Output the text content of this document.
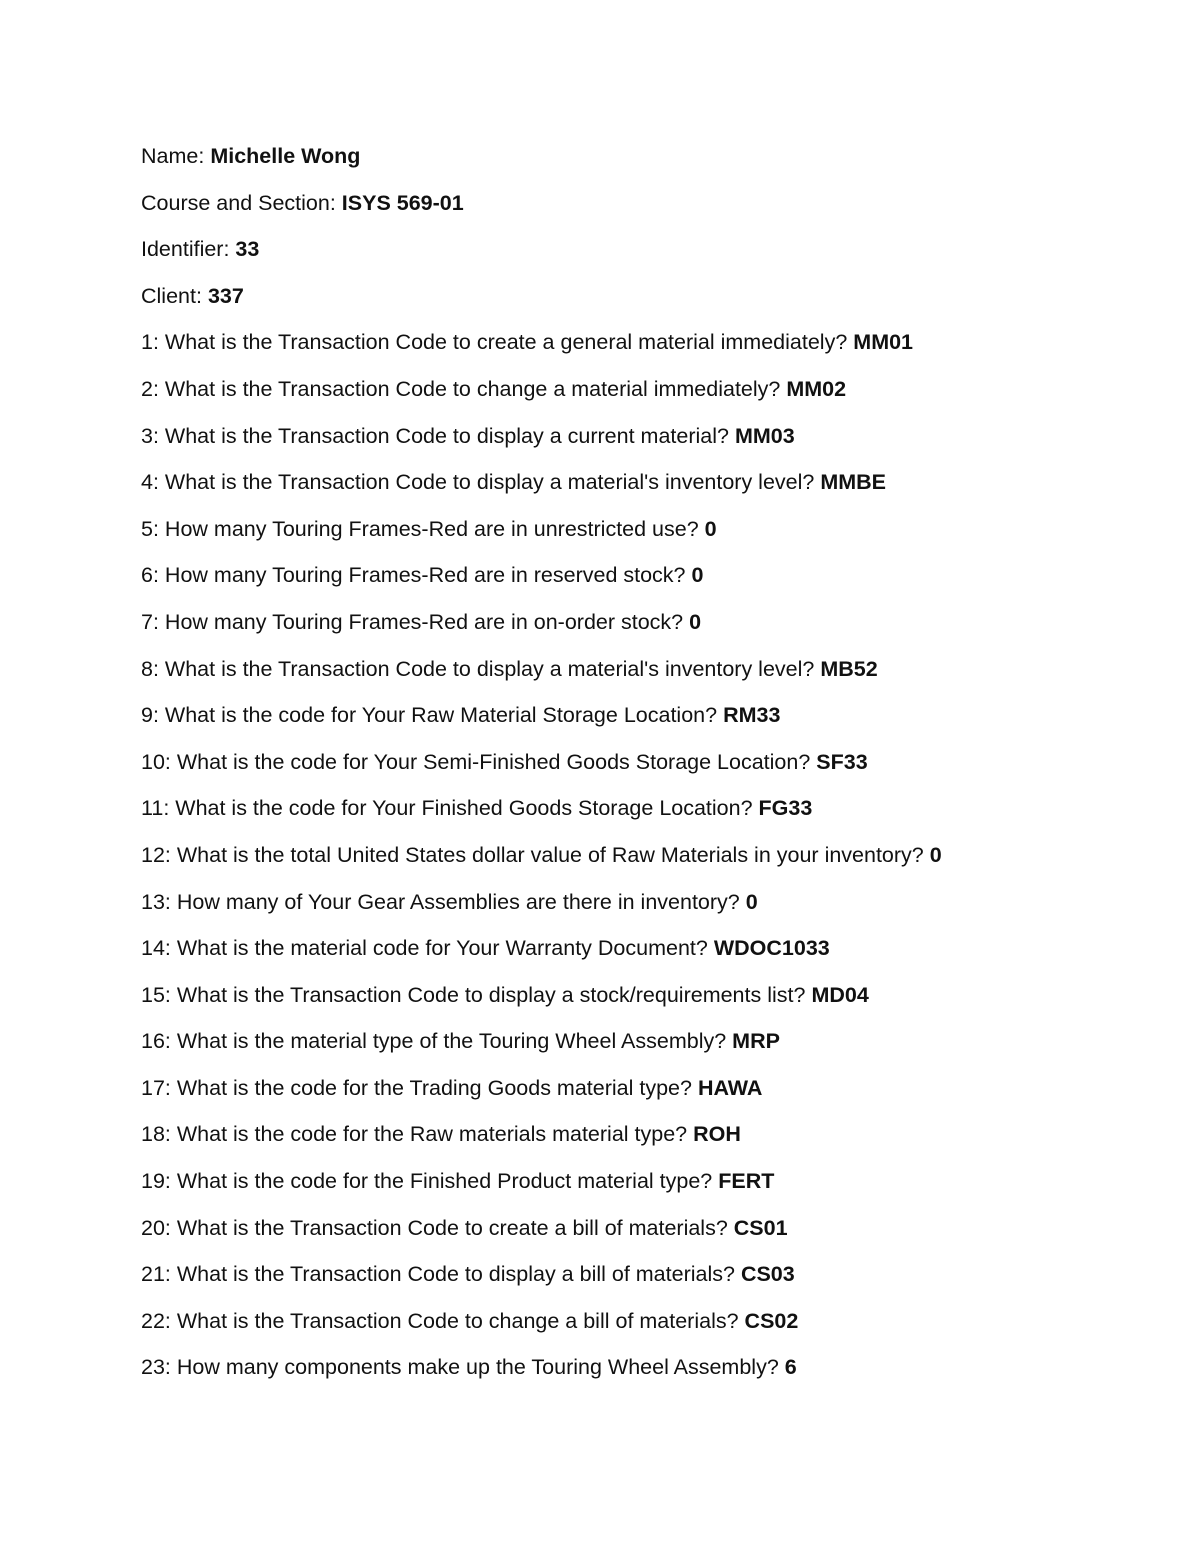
Name: Michelle Wong
Course and Section: ISYS 569-01
Identifier: 33
Client: 337
1: What is the Transaction Code to create a general material immediately? MM01
2: What is the Transaction Code to change a material immediately? MM02
3: What is the Transaction Code to display a current material? MM03
4: What is the Transaction Code to display a material's inventory level? MMBE
5: How many Touring Frames-Red are in unrestricted use? 0
6: How many Touring Frames-Red are in reserved stock? 0
7: How many Touring Frames-Red are in on-order stock? 0
8: What is the Transaction Code to display a material's inventory level? MB52
9: What is the code for Your Raw Material Storage Location? RM33
10: What is the code for Your Semi-Finished Goods Storage Location? SF33
11: What is the code for Your Finished Goods Storage Location? FG33
12: What is the total United States dollar value of Raw Materials in your inventory? 0
13: How many of Your Gear Assemblies are there in inventory? 0
14: What is the material code for Your Warranty Document? WDOC1033
15: What is the Transaction Code to display a stock/requirements list? MD04
16: What is the material type of the Touring Wheel Assembly? MRP
17: What is the code for the Trading Goods material type? HAWA
18: What is the code for the Raw materials material type? ROH
19: What is the code for the Finished Product material type? FERT
20: What is the Transaction Code to create a bill of materials? CS01
21: What is the Transaction Code to display a bill of materials? CS03
22: What is the Transaction Code to change a bill of materials? CS02
23: How many components make up the Touring Wheel Assembly? 6
